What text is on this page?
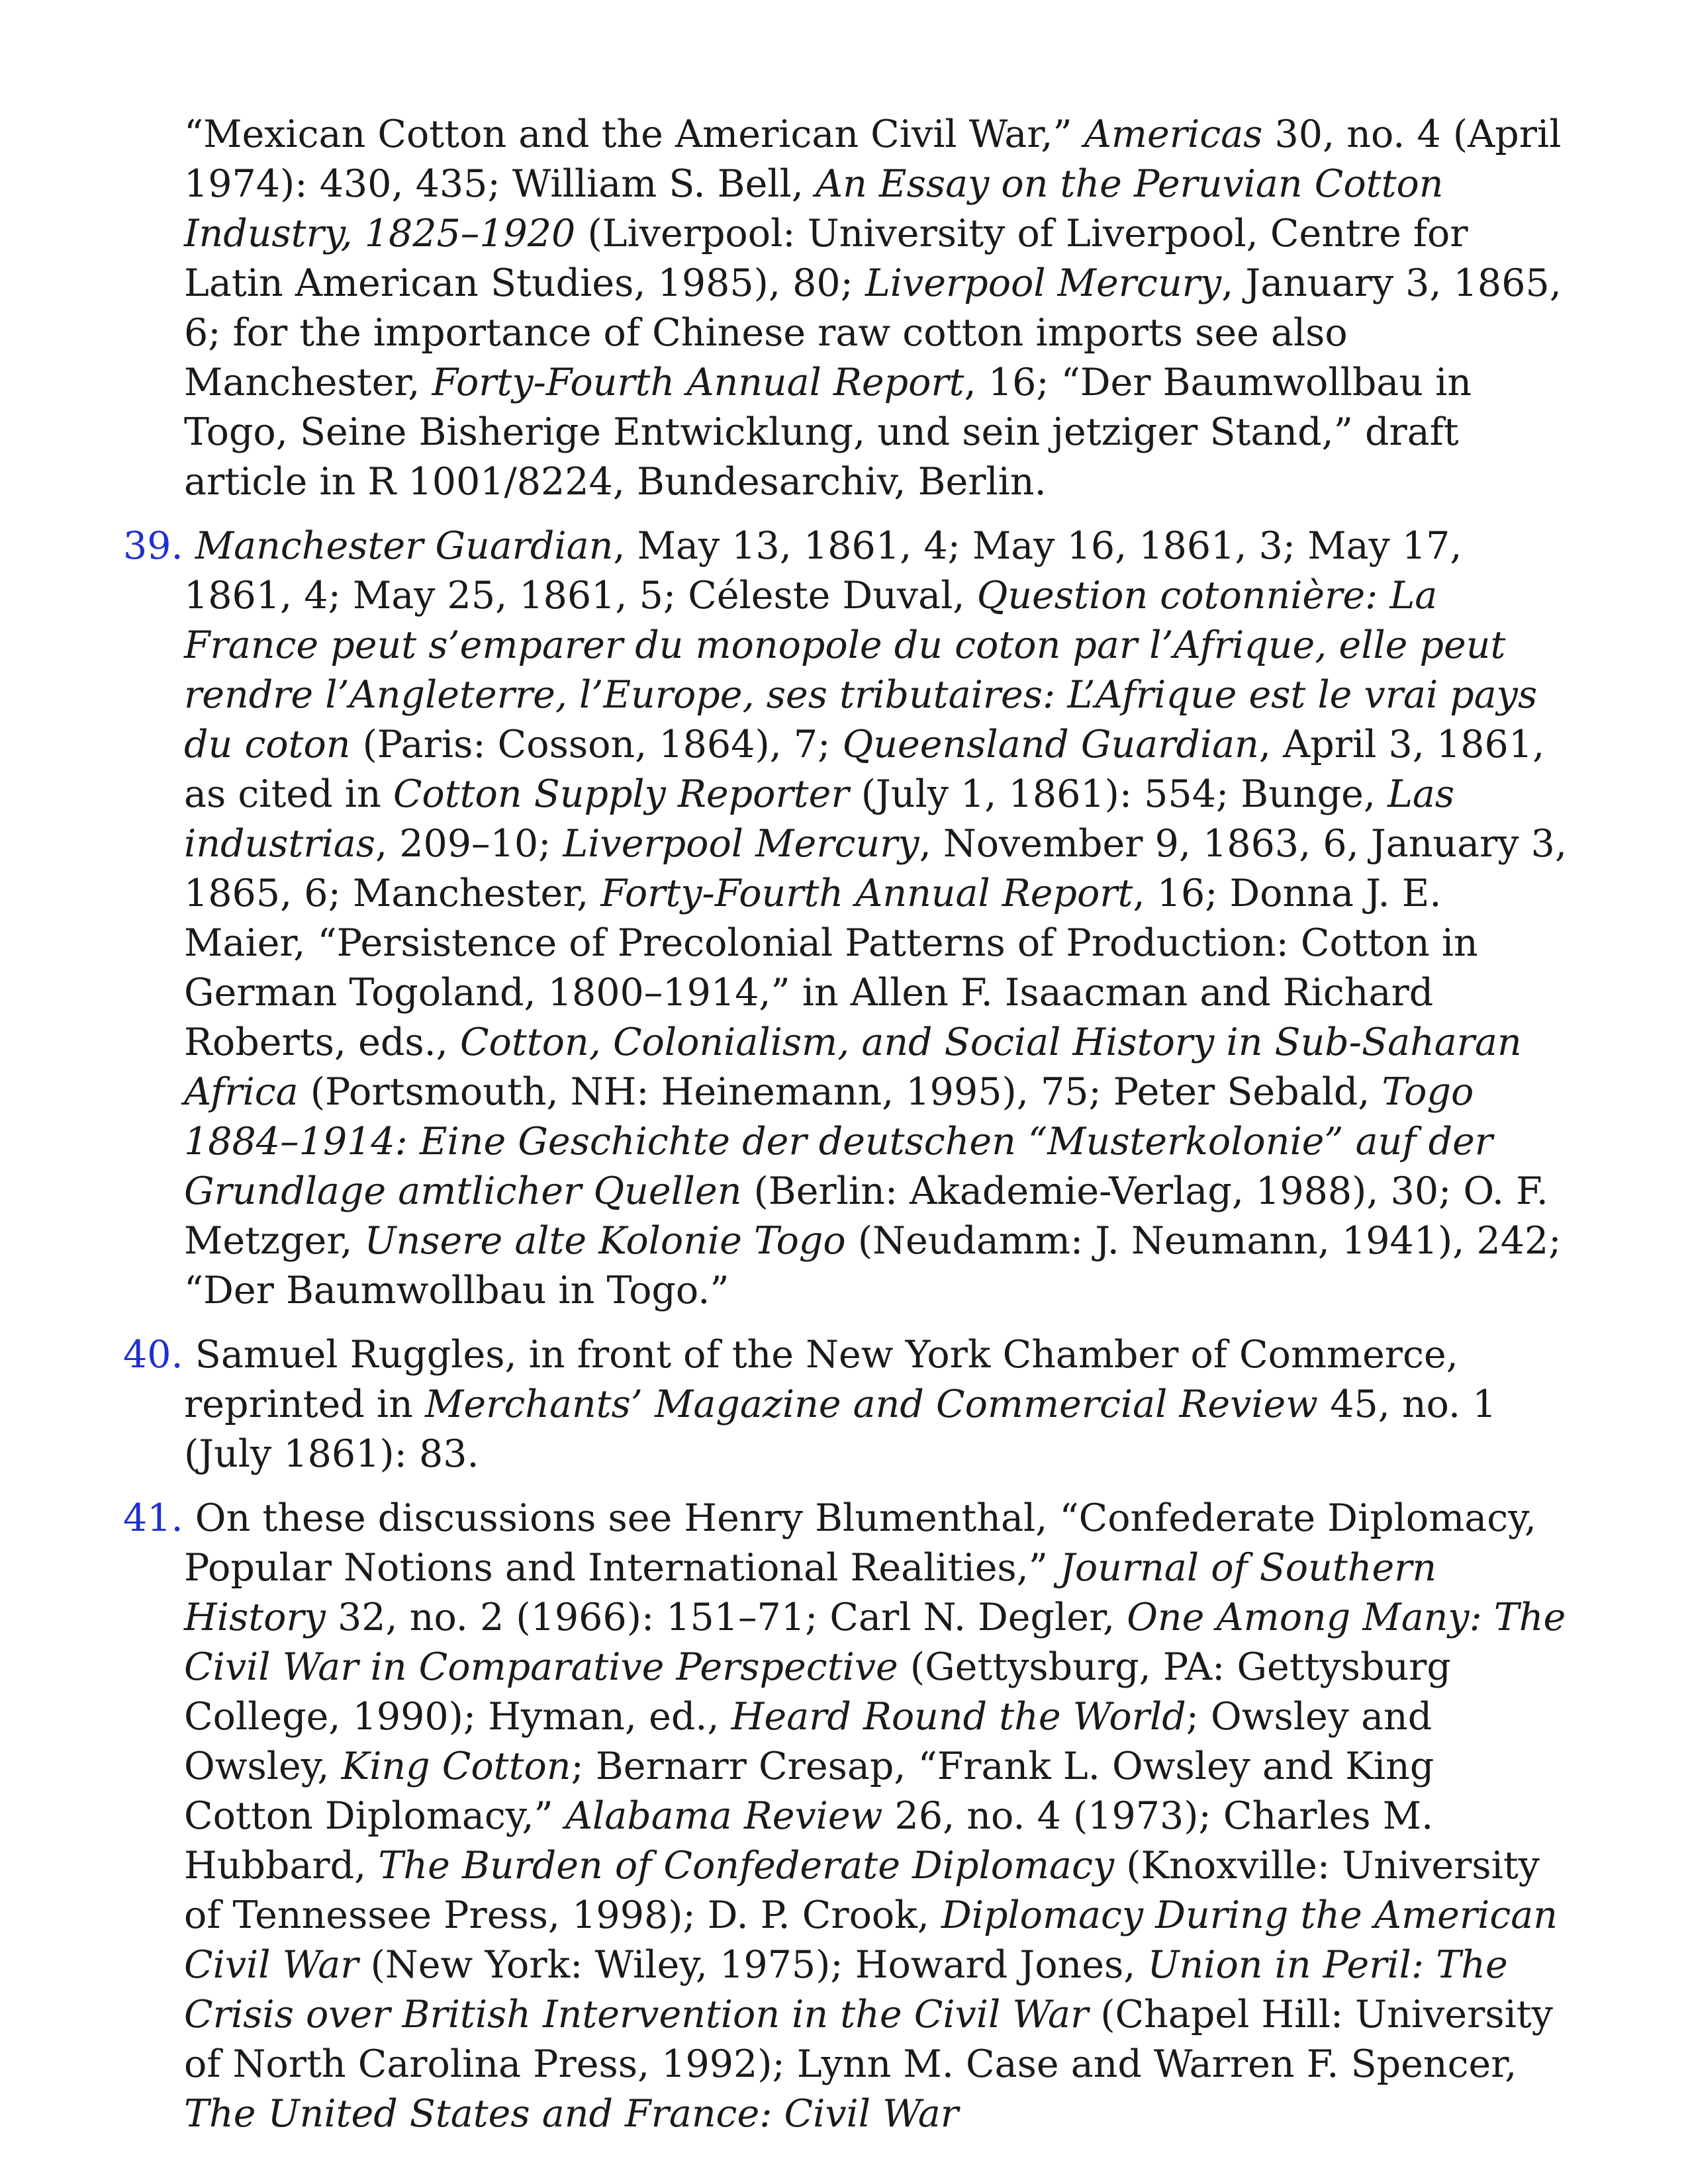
“Mexican Cotton and the American Civil War,” Americas 30, no. 4 (April 1974): 430, 435; William S. Bell, An Essay on the Peruvian Cotton Industry, 1825–1920 (Liverpool: University of Liverpool, Centre for Latin American Studies, 1985), 80; Liverpool Mercury, January 3, 1865, 6; for the importance of Chinese raw cotton imports see also Manchester, Forty-Fourth Annual Report, 16; “Der Baumwollbau in Togo, Seine Bisherige Entwicklung, und sein jetziger Stand,” draft article in R 1001/8224, Bundesarchiv, Berlin.

39. Manchester Guardian, May 13, 1861, 4; May 16, 1861, 3; May 17, 1861, 4; May 25, 1861, 5; Céleste Duval, Question cotonnière: La France peut s’emparer du monopole du coton par l’Afrique, elle peut rendre l’Angleterre, l’Europe, ses tributaires: L’Afrique est le vrai pays du coton (Paris: Cosson, 1864), 7; Queensland Guardian, April 3, 1861, as cited in Cotton Supply Reporter (July 1, 1861): 554; Bunge, Las industrias, 209–10; Liverpool Mercury, November 9, 1863, 6, January 3, 1865, 6; Manchester, Forty-Fourth Annual Report, 16; Donna J. E. Maier, “Persistence of Precolonial Patterns of Production: Cotton in German Togoland, 1800–1914,” in Allen F. Isaacman and Richard Roberts, eds., Cotton, Colonialism, and Social History in Sub-Saharan Africa (Portsmouth, NH: Heinemann, 1995), 75; Peter Sebald, Togo 1884–1914: Eine Geschichte der deutschen “Musterkolonie” auf der Grundlage amtlicher Quellen (Berlin: Akademie-Verlag, 1988), 30; O. F. Metzger, Unsere alte Kolonie Togo (Neudamm: J. Neumann, 1941), 242; “Der Baumwollbau in Togo.”

40. Samuel Ruggles, in front of the New York Chamber of Commerce, reprinted in Merchants’ Magazine and Commercial Review 45, no. 1 (July 1861): 83.

41. On these discussions see Henry Blumenthal, “Confederate Diplomacy, Popular Notions and International Realities,” Journal of Southern History 32, no. 2 (1966): 151–71; Carl N. Degler, One Among Many: The Civil War in Comparative Perspective (Gettysburg, PA: Gettysburg College, 1990); Hyman, ed., Heard Round the World; Owsley and Owsley, King Cotton; Bernarr Cresap, “Frank L. Owsley and King Cotton Diplomacy,” Alabama Review 26, no. 4 (1973); Charles M. Hubbard, The Burden of Confederate Diplomacy (Knoxville: University of Tennessee Press, 1998); D. P. Crook, Diplomacy During the American Civil War (New York: Wiley, 1975); Howard Jones, Union in Peril: The Crisis over British Intervention in the Civil War (Chapel Hill: University of North Carolina Press, 1992); Lynn M. Case and Warren F. Spencer, The United States and France: Civil War
